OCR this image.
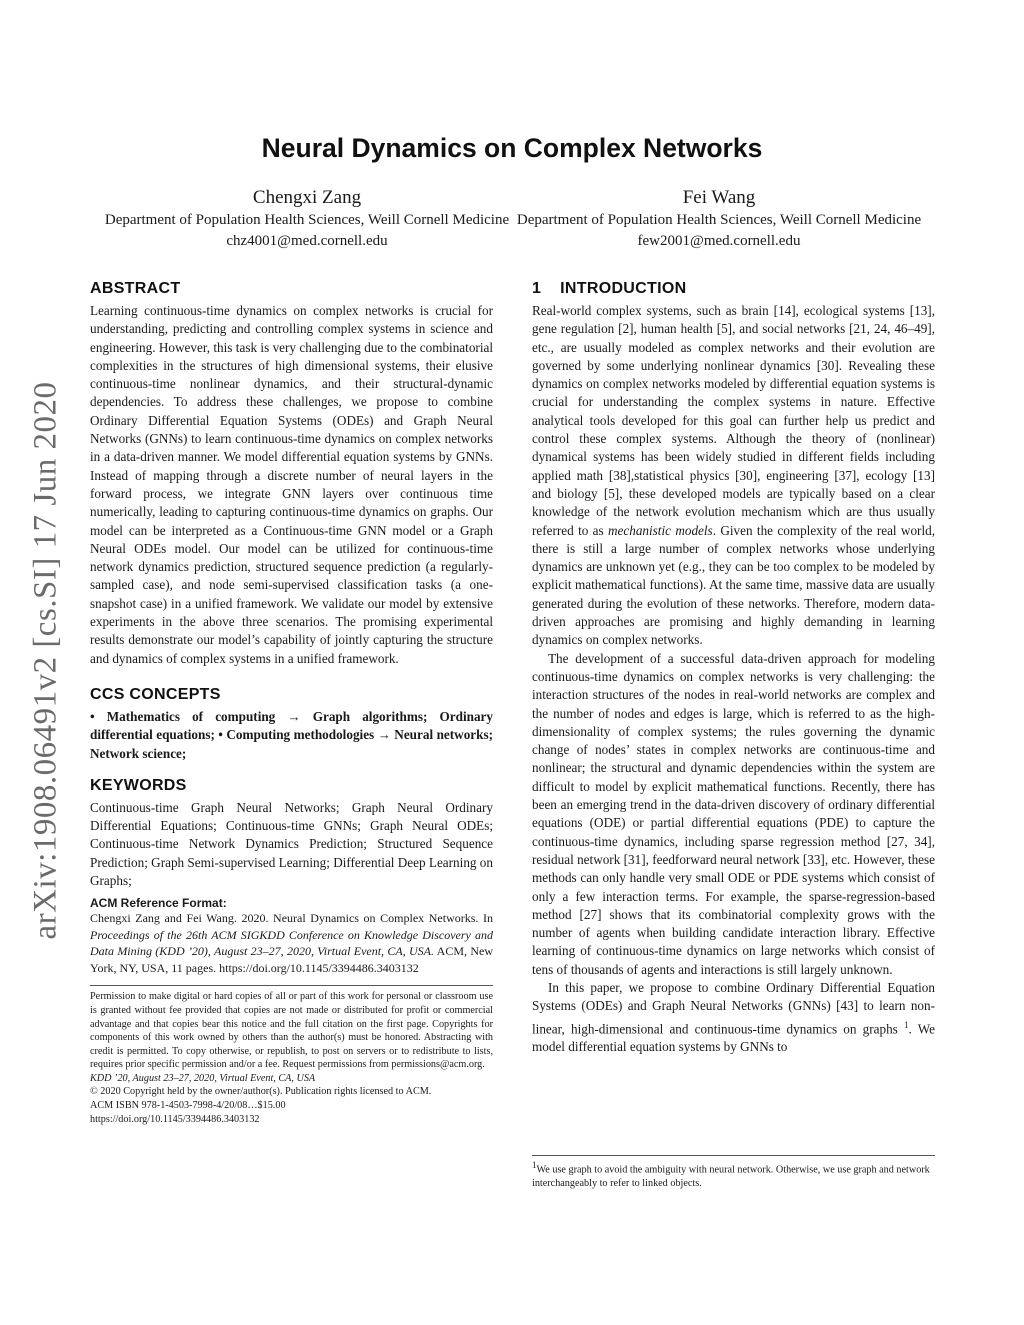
arXiv:1908.06491v2 [cs.SI] 17 Jun 2020
Neural Dynamics on Complex Networks
Chengxi Zang
Department of Population Health Sciences, Weill Cornell Medicine
chz4001@med.cornell.edu
Fei Wang
Department of Population Health Sciences, Weill Cornell Medicine
few2001@med.cornell.edu
ABSTRACT

Learning continuous-time dynamics on complex networks is crucial for understanding, predicting and controlling complex systems in science and engineering. However, this task is very challenging due to the combinatorial complexities in the structures of high dimensional systems, their elusive continuous-time nonlinear dynamics, and their structural-dynamic dependencies. To address these challenges, we propose to combine Ordinary Differential Equation Systems (ODEs) and Graph Neural Networks (GNNs) to learn continuous-time dynamics on complex networks in a data-driven manner. We model differential equation systems by GNNs. Instead of mapping through a discrete number of neural layers in the forward process, we integrate GNN layers over continuous time numerically, leading to capturing continuous-time dynamics on graphs. Our model can be interpreted as a Continuous-time GNN model or a Graph Neural ODEs model. Our model can be utilized for continuous-time network dynamics prediction, structured sequence prediction (a regularly-sampled case), and node semi-supervised classification tasks (a one-snapshot case) in a unified framework. We validate our model by extensive experiments in the above three scenarios. The promising experimental results demonstrate our model’s capability of jointly capturing the structure and dynamics of complex systems in a unified framework.

CCS CONCEPTS

• Mathematics of computing → Graph algorithms; Ordinary differential equations; • Computing methodologies → Neural networks; Network science;

KEYWORDS

Continuous-time Graph Neural Networks; Graph Neural Ordinary Differential Equations; Continuous-time GNNs; Graph Neural ODEs; Continuous-time Network Dynamics Prediction; Structured Sequence Prediction; Graph Semi-supervised Learning; Differential Deep Learning on Graphs;

ACM Reference Format:
Chengxi Zang and Fei Wang. 2020. Neural Dynamics on Complex Networks. In Proceedings of the 26th ACM SIGKDD Conference on Knowledge Discovery and Data Mining (KDD ’20), August 23–27, 2020, Virtual Event, CA, USA. ACM, New York, NY, USA, 11 pages. https://doi.org/10.1145/3394486.3403132

Permission to make digital or hard copies of all or part of this work for personal or classroom use is granted without fee provided that copies are not made or distributed for profit or commercial advantage and that copies bear this notice and the full citation on the first page. Copyrights for components of this work owned by others than the author(s) must be honored. Abstracting with credit is permitted. To copy otherwise, or republish, to post on servers or to redistribute to lists, requires prior specific permission and/or a fee. Request permissions from permissions@acm.org.

KDD ’20, August 23–27, 2020, Virtual Event, CA, USA

© 2020 Copyright held by the owner/author(s). Publication rights licensed to ACM.

ACM ISBN 978-1-4503-7998-4/20/08…$15.00

https://doi.org/10.1145/3394486.3403132

1    INTRODUCTION

Real-world complex systems, such as brain [14], ecological systems [13], gene regulation [2], human health [5], and social networks [21, 24, 46–49], etc., are usually modeled as complex networks and their evolution are governed by some underlying nonlinear dynamics [30]. Revealing these dynamics on complex networks modeled by differential equation systems is crucial for understanding the complex systems in nature. Effective analytical tools developed for this goal can further help us predict and control these complex systems. Although the theory of (nonlinear) dynamical systems has been widely studied in different fields including applied math [38],statistical physics [30], engineering [37], ecology [13] and biology [5], these developed models are typically based on a clear knowledge of the network evolution mechanism which are thus usually referred to as mechanistic models. Given the complexity of the real world, there is still a large number of complex networks whose underlying dynamics are unknown yet (e.g., they can be too complex to be modeled by explicit mathematical functions). At the same time, massive data are usually generated during the evolution of these networks. Therefore, modern data-driven approaches are promising and highly demanding in learning dynamics on complex networks.

The development of a successful data-driven approach for modeling continuous-time dynamics on complex networks is very challenging: the interaction structures of the nodes in real-world networks are complex and the number of nodes and edges is large, which is referred to as the high-dimensionality of complex systems; the rules governing the dynamic change of nodes’ states in complex networks are continuous-time and nonlinear; the structural and dynamic dependencies within the system are difficult to model by explicit mathematical functions. Recently, there has been an emerging trend in the data-driven discovery of ordinary differential equations (ODE) or partial differential equations (PDE) to capture the continuous-time dynamics, including sparse regression method [27, 34], residual network [31], feedforward neural network [33], etc. However, these methods can only handle very small ODE or PDE systems which consist of only a few interaction terms. For example, the sparse-regression-based method [27] shows that its combinatorial complexity grows with the number of agents when building candidate interaction library. Effective learning of continuous-time dynamics on large networks which consist of tens of thousands of agents and interactions is still largely unknown.

In this paper, we propose to combine Ordinary Differential Equation Systems (ODEs) and Graph Neural Networks (GNNs) [43] to learn non-linear, high-dimensional and continuous-time dynamics on graphs $^1$. We model differential equation systems by GNNs to

$^1$We use graph to avoid the ambiguity with neural network. Otherwise, we use graph and network interchangeably to refer to linked objects.
